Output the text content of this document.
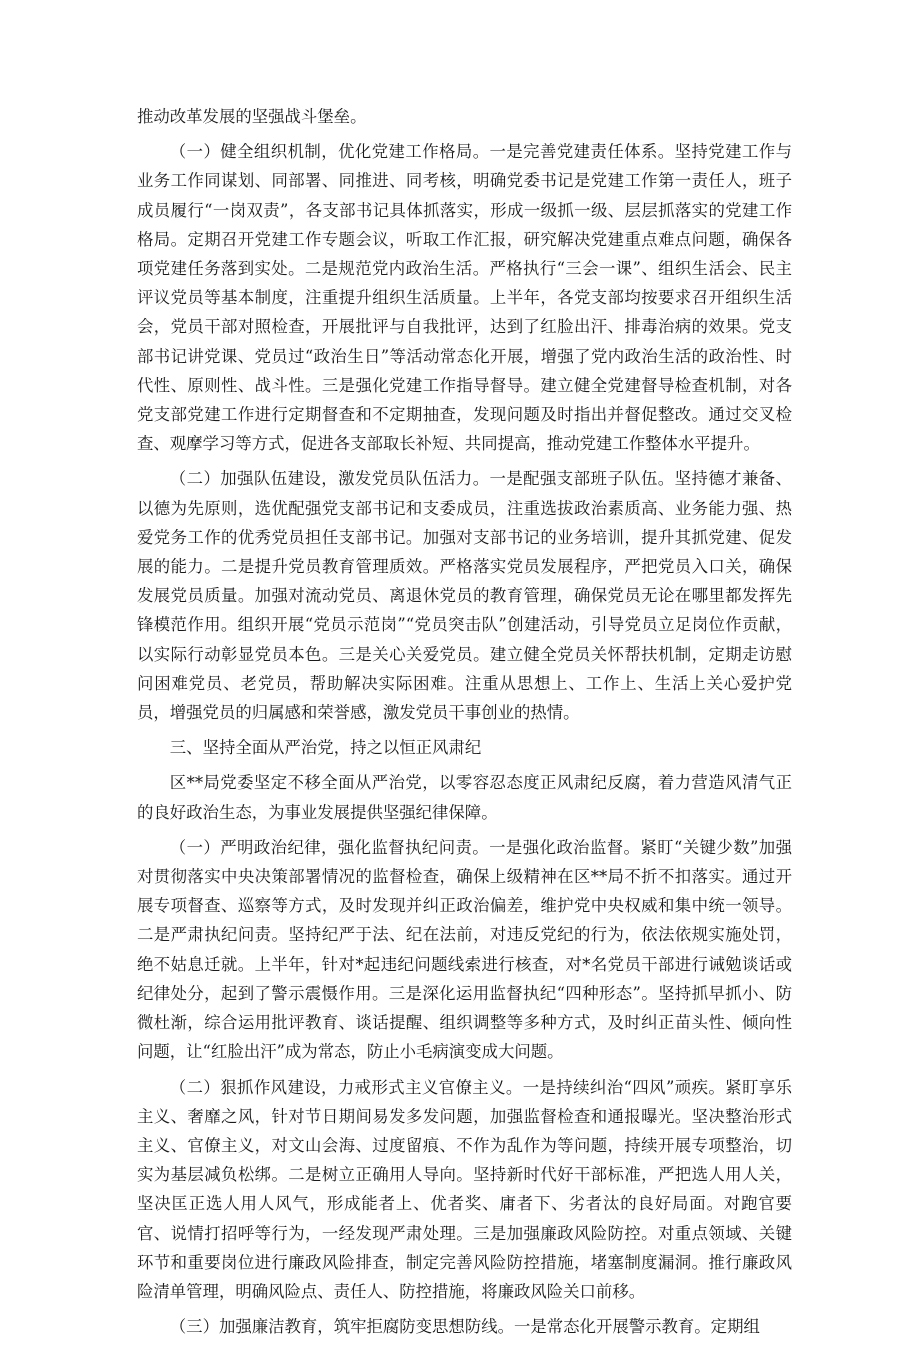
推动改革发展的坚强战斗堡垒。

（一）健全组织机制，优化党建工作格局。一是完善党建责任体系。坚持党建工作与业务工作同谋划、同部署、同推进、同考核，明确党委书记是党建工作第一责任人，班子成员履行“一岗双责”，各支部书记具体抓落实，形成一级抓一级、层层抓落实的党建工作格局。定期召开党建工作专题会议，听取工作汇报，研究解决党建重点难点问题，确保各项党建任务落到实处。二是规范党内政治生活。严格执行“三会一课”、组织生活会、民主评议党员等基本制度，注重提升组织生活质量。上半年，各党支部均按要求召开组织生活会，党员干部对照检查，开展批评与自我批评，达到了红脸出汗、排毒治病的效果。党支部书记讲党课、党员过“政治生日”等活动常态化开展，增强了党内政治生活的政治性、时代性、原则性、战斗性。三是强化党建工作指导督导。建立健全党建督导检查机制，对各党支部党建工作进行定期督查和不定期抽查，发现问题及时指出并督促整改。通过交叉检查、观摩学习等方式，促进各支部取长补短、共同提高，推动党建工作整体水平提升。

（二）加强队伍建设，激发党员队伍活力。一是配强支部班子队伍。坚持德才兼备、以德为先原则，选优配强党支部书记和支委成员，注重选拔政治素质高、业务能力强、热爱党务工作的优秀党员担任支部书记。加强对支部书记的业务培训，提升其抓党建、促发展的能力。二是提升党员教育管理质效。严格落实党员发展程序，严把党员入口关，确保发展党员质量。加强对流动党员、离退休党员的教育管理，确保党员无论在哪里都发挥先锋模范作用。组织开展“党员示范岗”“党员突击队”创建活动，引导党员立足岗位作贡献，以实际行动彰显党员本色。三是关心关爱党员。建立健全党员关怀帮扶机制，定期走访慰问困难党员、老党员，帮助解决实际困难。注重从思想上、工作上、生活上关心爱护党员，增强党员的归属感和荣誉感，激发党员干事创业的热情。

三、坚持全面从严治党，持之以恒正风肃纪

区**局党委坚定不移全面从严治党，以零容忍态度正风肃纪反腐，着力营造风清气正的良好政治生态，为事业发展提供坚强纪律保障。

（一）严明政治纪律，强化监督执纪问责。一是强化政治监督。紧盯“关键少数”加强对贯彻落实中央决策部署情况的监督检查，确保上级精神在区**局不折不扣落实。通过开展专项督查、巡察等方式，及时发现并纠正政治偏差，维护党中央权威和集中统一领导。二是严肃执纪问责。坚持纪严于法、纪在法前，对违反党纪的行为，依法依规实施处罚，绝不姑息迁就。上半年，针对*起违纪问题线索进行核查，对*名党员干部进行诫勉谈话或纪律处分，起到了警示震慑作用。三是深化运用监督执纪“四种形态”。坚持抓早抓小、防微杜渐，综合运用批评教育、谈话提醒、组织调整等多种方式，及时纠正苗头性、倾向性问题，让“红脸出汗”成为常态，防止小毛病演变成大问题。

（二）狠抓作风建设，力戒形式主义官僚主义。一是持续纠治“四风”顽疾。紧盯享乐主义、奢靡之风，针对节日期间易发多发问题，加强监督检查和通报曝光。坚决整治形式主义、官僚主义，对文山会海、过度留痕、不作为乱作为等问题，持续开展专项整治，切实为基层减负松绑。二是树立正确用人导向。坚持新时代好干部标准，严把选人用人关，坚决匡正选人用人风气，形成能者上、优者奖、庸者下、劣者汰的良好局面。对跑官要官、说情打招呼等行为，一经发现严肃处理。三是加强廉政风险防控。对重点领域、关键环节和重要岗位进行廉政风险排查，制定完善风险防控措施，堵塞制度漏洞。推行廉政风险清单管理，明确风险点、责任人、防控措施，将廉政风险关口前移。

（三）加强廉洁教育，筑牢拒腐防变思想防线。一是常态化开展警示教育。定期组
